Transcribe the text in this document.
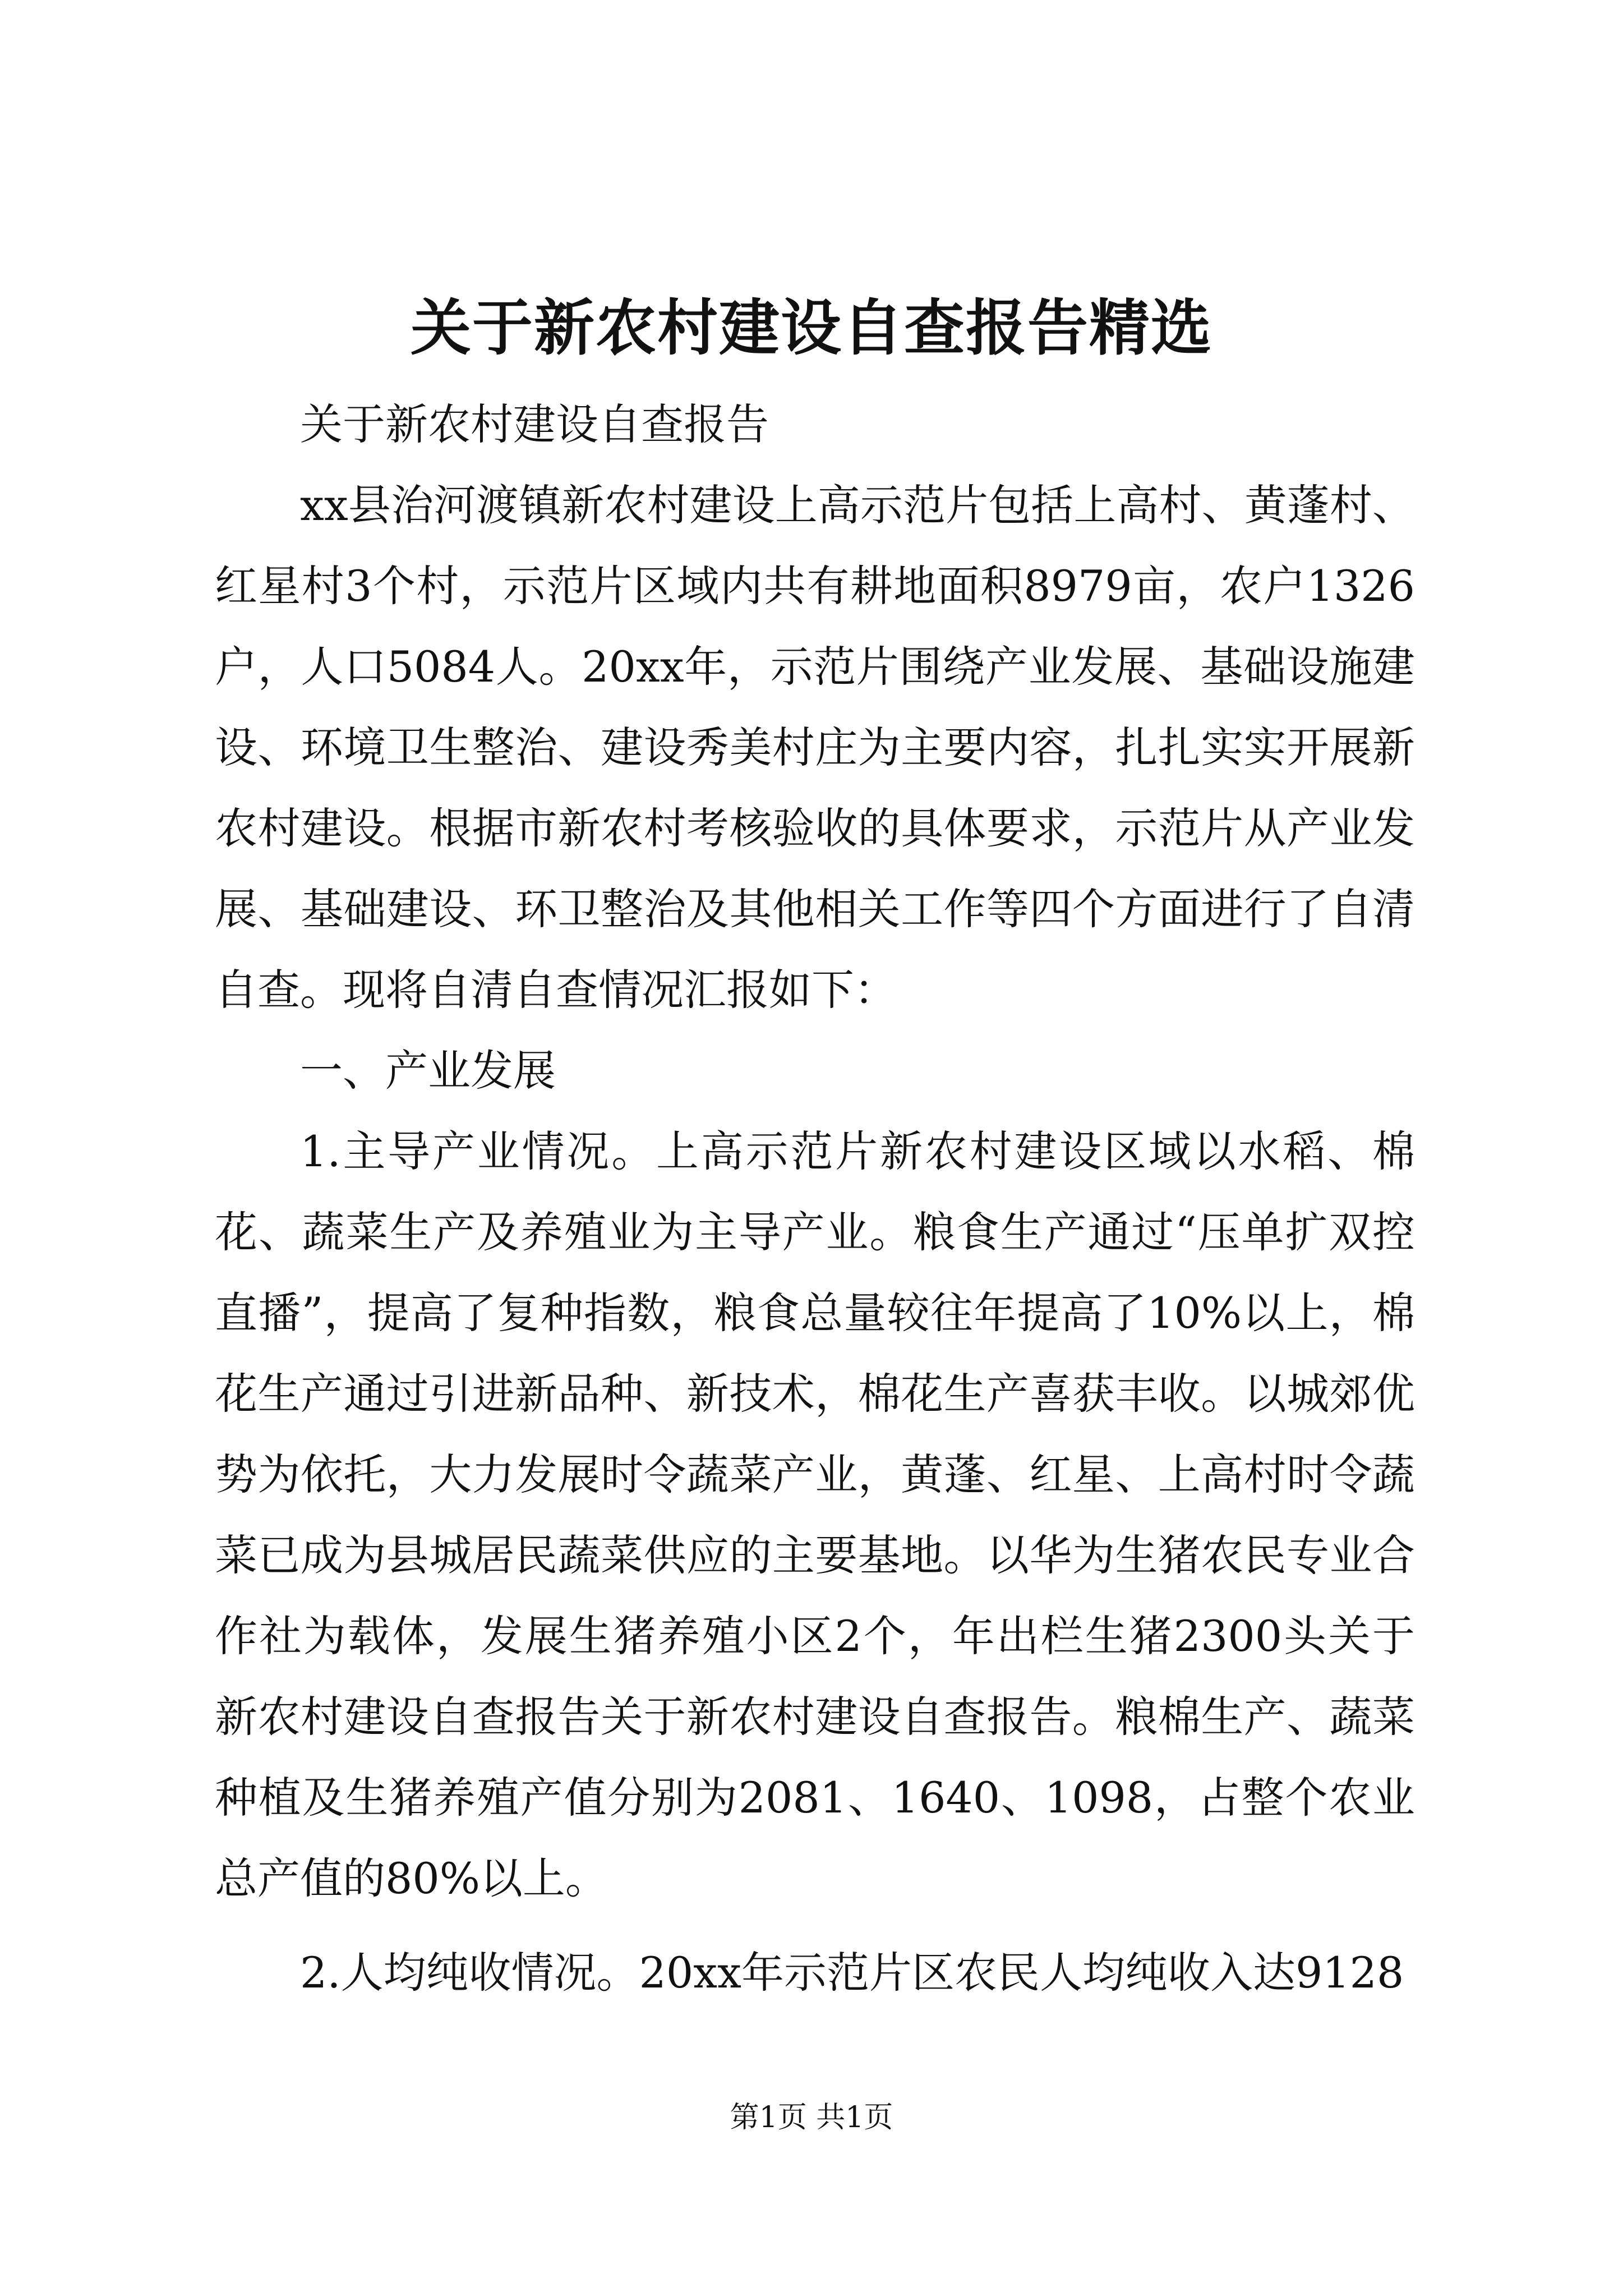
关于新农村建设自查报告精选

关于新农村建设自查报告

xx县治河渡镇新农村建设上高示范片包括上高村、黄蓬村、红星村3个村，示范片区域内共有耕地面积8979亩，农户1326户，人口5084人。20xx年，示范片围绕产业发展、基础设施建设、环境卫生整治、建设秀美村庄为主要内容，扎扎实实开展新农村建设。根据市新农村考核验收的具体要求，示范片从产业发展、基础建设、环卫整治及其他相关工作等四个方面进行了自清自查。现将自清自查情况汇报如下：

一、产业发展

1.主导产业情况。上高示范片新农村建设区域以水稻、棉花、蔬菜生产及养殖业为主导产业。粮食生产通过“压单扩双控直播”，提高了复种指数，粮食总量较往年提高了10%以上，棉花生产通过引进新品种、新技术，棉花生产喜获丰收。以城郊优势为依托，大力发展时令蔬菜产业，黄蓬、红星、上高村时令蔬菜已成为县城居民蔬菜供应的主要基地。以华为生猪农民专业合作社为载体，发展生猪养殖小区2个，年出栏生猪2300头关于新农村建设自查报告关于新农村建设自查报告。粮棉生产、蔬菜种植及生猪养殖产值分别为2081、1640、1098，占整个农业总产值的80%以上。

2.人均纯收情况。20xx年示范片区农民人均纯收入达9128

第1页 共1页
